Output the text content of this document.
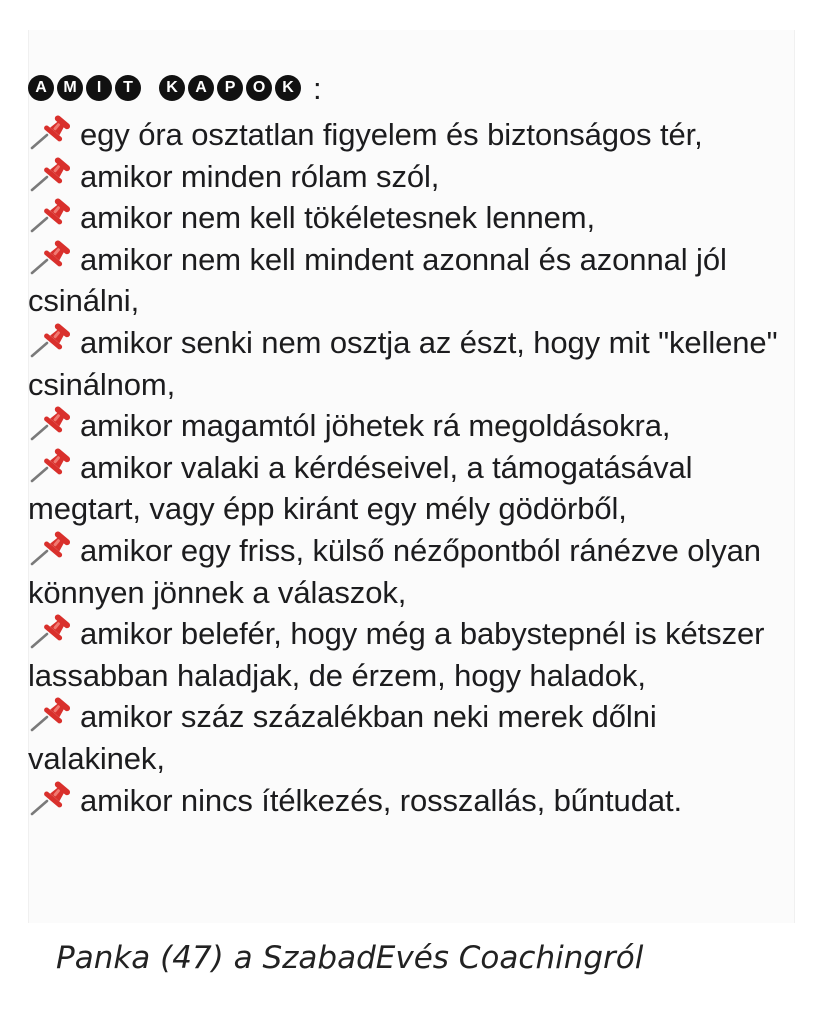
A	M	I	T	K	A	P	O	K :

egy óra osztatlan figyelem és biztonságos tér,

amikor minden rólam szól,

amikor nem kell tökéletesnek lennem,

amikor nem kell mindent azonnal és azonnal jól csinálni,

amikor senki nem osztja az észt, hogy mit "kellene" csinálnom,

amikor magamtól jöhetek rá megoldásokra,

amikor valaki a kérdéseivel, a támogatásával megtart, vagy épp kiránt egy mély gödörből,

amikor egy friss, külső nézőpontból ránézve olyan könnyen jönnek a válaszok,

amikor belefér, hogy még a babystepnél is kétszer lassabban haladjak, de érzem, hogy haladok,

amikor száz százalékban neki merek dőlni valakinek,

amikor nincs ítélkezés, rosszallás, bűntudat.

Panka (47) a SzabadEvés Coachingról
